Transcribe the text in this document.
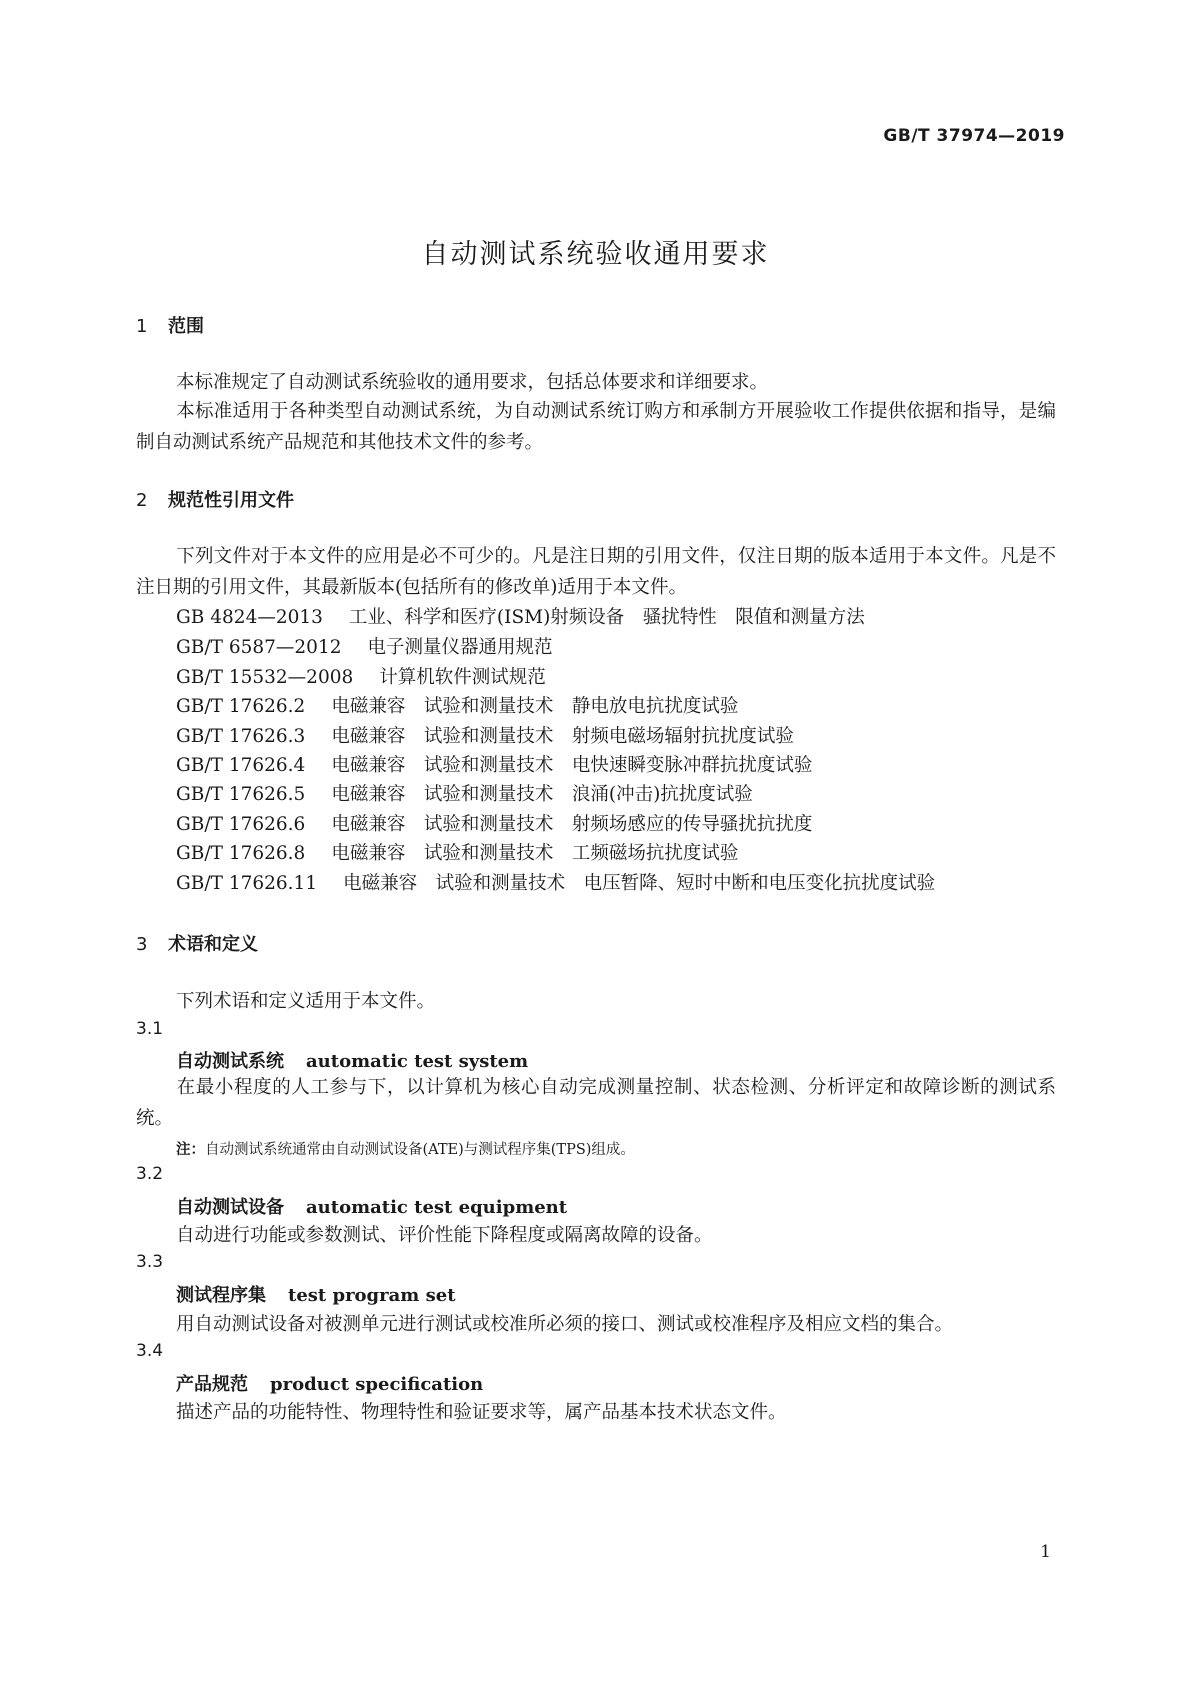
GB/T 37974—2019
自动测试系统验收通用要求
1 范围
本标准规定了自动测试系统验收的通用要求，包括总体要求和详细要求。
本标准适用于各种类型自动测试系统，为自动测试系统订购方和承制方开展验收工作提供依据和指导，是编制自动测试系统产品规范和其他技术文件的参考。
2 规范性引用文件
下列文件对于本文件的应用是必不可少的。凡是注日期的引用文件，仅注日期的版本适用于本文件。凡是不注日期的引用文件，其最新版本(包括所有的修改单)适用于本文件。
GB 4824—2013 工业、科学和医疗(ISM)射频设备　骚扰特性　限值和测量方法
GB/T 6587—2012 电子测量仪器通用规范
GB/T 15532—2008 计算机软件测试规范
GB/T 17626.2 电磁兼容　试验和测量技术　静电放电抗扰度试验
GB/T 17626.3 电磁兼容　试验和测量技术　射频电磁场辐射抗扰度试验
GB/T 17626.4 电磁兼容　试验和测量技术　电快速瞬变脉冲群抗扰度试验
GB/T 17626.5 电磁兼容　试验和测量技术　浪涌(冲击)抗扰度试验
GB/T 17626.6 电磁兼容　试验和测量技术　射频场感应的传导骚扰抗扰度
GB/T 17626.8 电磁兼容　试验和测量技术　工频磁场抗扰度试验
GB/T 17626.11 电磁兼容　试验和测量技术　电压暂降、短时中断和电压变化抗扰度试验
3 术语和定义
下列术语和定义适用于本文件。
3.1
自动测试系统 automatic test system
在最小程度的人工参与下，以计算机为核心自动完成测量控制、状态检测、分析评定和故障诊断的测试系统。
注：自动测试系统通常由自动测试设备(ATE)与测试程序集(TPS)组成。
3.2
自动测试设备 automatic test equipment
自动进行功能或参数测试、评价性能下降程度或隔离故障的设备。
3.3
测试程序集 test program set
用自动测试设备对被测单元进行测试或校准所必须的接口、测试或校准程序及相应文档的集合。
3.4
产品规范 product specification
描述产品的功能特性、物理特性和验证要求等，属产品基本技术状态文件。
1
